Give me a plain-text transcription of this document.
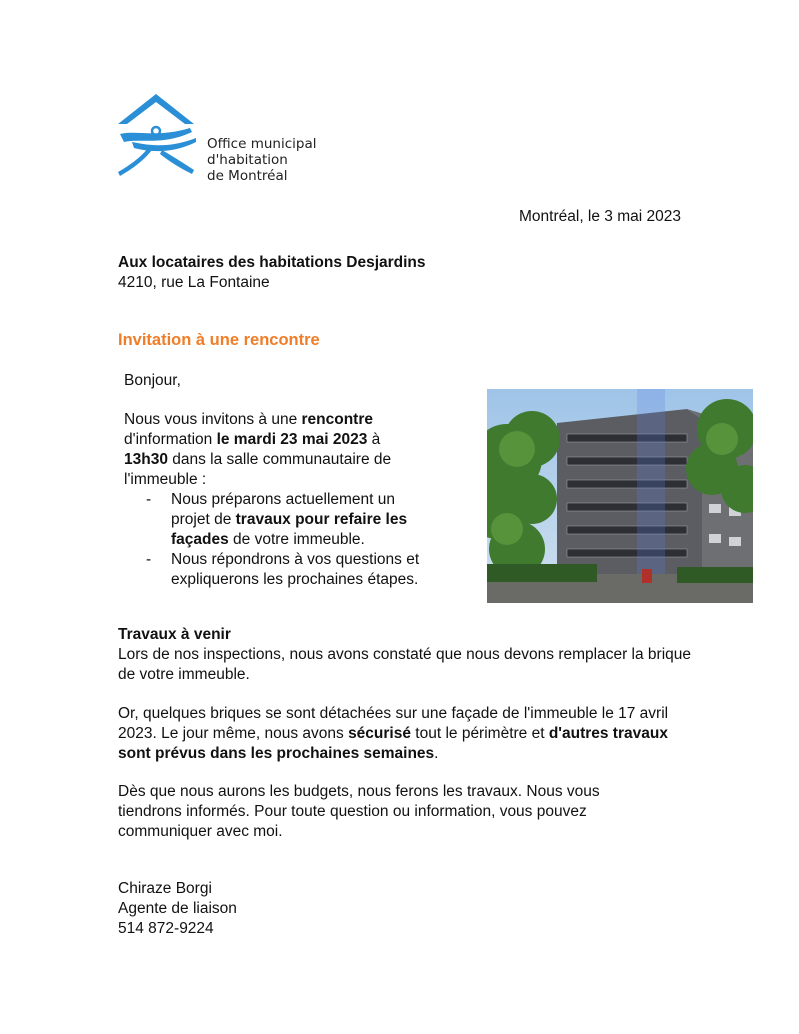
Office municipal
d'habitation
de Montréal
Montréal, le 3 mai 2023
Aux locataires des habitations Desjardins
4210, rue La Fontaine
Invitation à une rencontre
Bonjour,
Nous vous invitons à une rencontre d'information le mardi 23 mai 2023 à 13h30 dans la salle communautaire de l'immeuble :
- Nous préparons actuellement un projet de travaux pour refaire les façades de votre immeuble.
- Nous répondrons à vos questions et expliquerons les prochaines étapes.
Travaux à venir
Lors de nos inspections, nous avons constaté que nous devons remplacer la brique de votre immeuble.
Or, quelques briques se sont détachées sur une façade de l'immeuble le 17 avril 2023. Le jour même, nous avons sécurisé tout le périmètre et d'autres travaux sont prévus dans les prochaines semaines.
Dès que nous aurons les budgets, nous ferons les travaux. Nous vous tiendrons informés. Pour toute question ou information, vous pouvez communiquer avec moi.
Chiraze Borgi
Agente de liaison
514 872-9224
